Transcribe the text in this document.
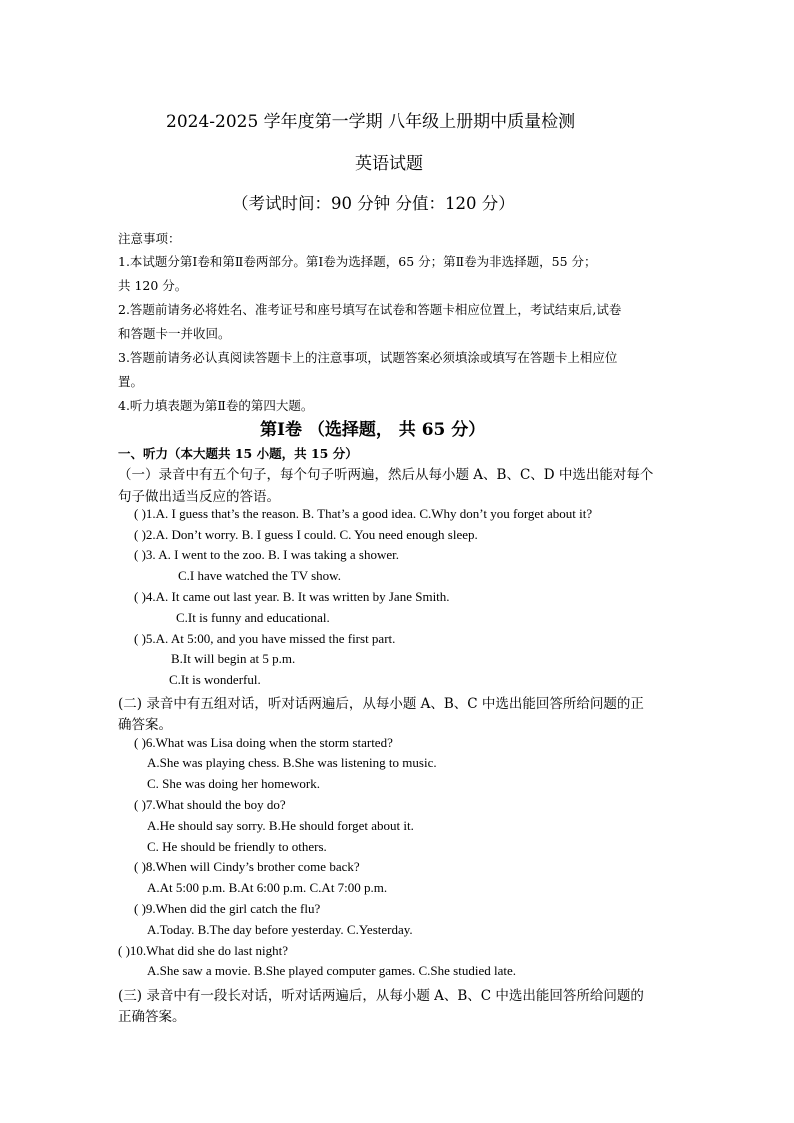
2024-2025 学年度第一学期 八年级上册期中质量检测
英语试题
（考试时间：90 分钟 分值：120 分）
注意事项：
1.本试题分第Ⅰ卷和第Ⅱ卷两部分。第Ⅰ卷为选择题，65 分；第Ⅱ卷为非选择题，55 分；
共 120 分。
2.答题前请务必将姓名、准考证号和座号填写在试卷和答题卡相应位置上，考试结束后,试卷
和答题卡一并收回。
3.答题前请务必认真阅读答题卡上的注意事项，试题答案必须填涂或填写在答题卡上相应位
置。
4.听力填表题为第Ⅱ卷的第四大题。
第Ⅰ卷 （选择题， 共 65 分）
一、听力（本大题共 15 小题，共 15 分）
（一）录音中有五个句子，每个句子听两遍，然后从每小题 A、B、C、D 中选出能对每个
句子做出适当反应的答语。
( )1.A. I guess that’s the reason. B. That’s a good idea. C.Why don’t you forget about it?
( )2.A. Don’t worry. B. I guess I could. C. You need enough sleep.
( )3. A. I went to the zoo. B. I was taking a shower.
C.I have watched the TV show.
( )4.A. It came out last year. B. It was written by Jane Smith.
C.It is funny and educational.
( )5.A. At 5:00, and you have missed the first part.
B.It will begin at 5 p.m.
C.It is wonderful.
(二) 录音中有五组对话，听对话两遍后，从每小题 A、B、C 中选出能回答所给问题的正
确答案。
( )6.What was Lisa doing when the storm started?
A.She was playing chess. B.She was listening to music.
C. She was doing her homework.
( )7.What should the boy do?
A.He should say sorry. B.He should forget about it.
C. He should be friendly to others.
( )8.When will Cindy’s brother come back?
A.At 5:00 p.m. B.At 6:00 p.m. C.At 7:00 p.m.
( )9.When did the girl catch the flu?
A.Today. B.The day before yesterday. C.Yesterday.
( )10.What did she do last night?
A.She saw a movie. B.She played computer games. C.She studied late.
(三) 录音中有一段长对话，听对话两遍后，从每小题 A、B、C 中选出能回答所给问题的
正确答案。
